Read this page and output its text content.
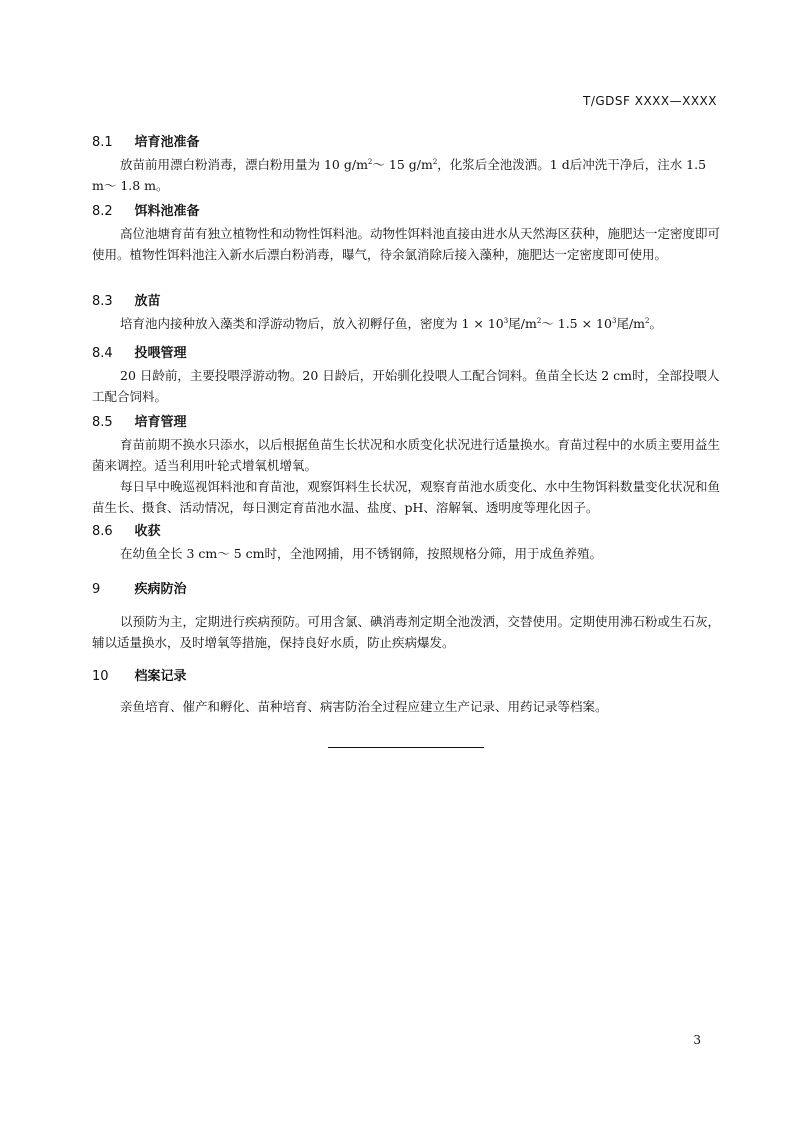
T/GDSF XXXX—XXXX
8.1 培育池准备

放苗前用漂白粉消毒，漂白粉用量为 10 $g/m^2\sim$ 15 $g/m^2$，化浆后全池泼洒。1 d后冲洗干净后，注水 1.5 m～ 1.8 m。

8.2 饵料池准备

高位池塘育苗有独立植物性和动物性饵料池。动物性饵料池直接由进水从天然海区获种，施肥达一定密度即可使用。植物性饵料池注入新水后漂白粉消毒，曝气，待余氯消除后接入藻种，施肥达一定密度即可使用。

8.3 放苗

培育池内接种放入藻类和浮游动物后，放入初孵仔鱼，密度为 $1 \times 10^3$尾$/m^2\sim$ $1.5 \times 10^3$尾$/m^2$。

8.4 投喂管理

20 日龄前，主要投喂浮游动物。20 日龄后，开始驯化投喂人工配合饲料。鱼苗全长达 2 cm时，全部投喂人工配合饲料。

8.5 培育管理

育苗前期不换水只添水，以后根据鱼苗生长状况和水质变化状况进行适量换水。育苗过程中的水质主要用益生菌来调控。适当利用叶轮式增氧机增氧。

每日早中晚巡视饵料池和育苗池，观察饵料生长状况，观察育苗池水质变化、水中生物饵料数量变化状况和鱼苗生长、摄食、活动情况，每日测定育苗池水温、盐度、pH、溶解氧、透明度等理化因子。

8.6 收获

在幼鱼全长 3 cm～ 5 cm时，全池网捕，用不锈钢筛，按照规格分筛，用于成鱼养殖。

9	疾病防治

以预防为主，定期进行疾病预防。可用含氯、碘消毒剂定期全池泼洒，交替使用。定期使用沸石粉或生石灰，辅以适量换水，及时增氧等措施，保持良好水质，防止疾病爆发。

10 档案记录

亲鱼培育、催产和孵化、苗种培育、病害防治全过程应建立生产记录、用药记录等档案。

3
